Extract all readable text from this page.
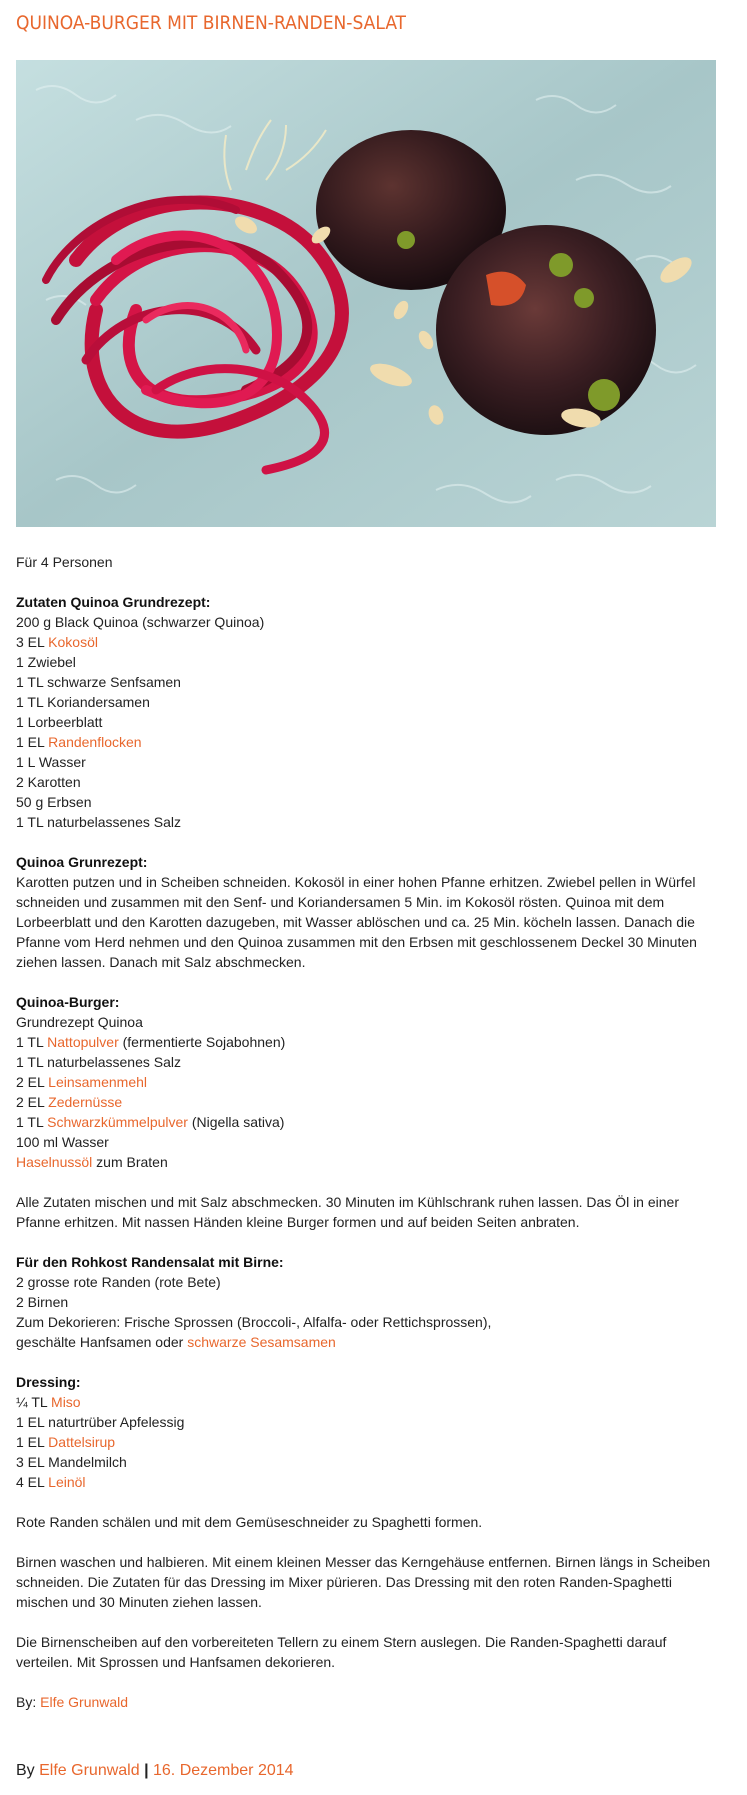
QUINOA-BURGER MIT BIRNEN-RANDEN-SALAT

Für 4 Personen

Zutaten Quinoa Grundrezept:
200 g Black Quinoa (schwarzer Quinoa)
3 EL Kokosöl
1 Zwiebel
1 TL schwarze Senfsamen
1 TL Koriandersamen
1 Lorbeerblatt
1 EL Randenflocken
1 L Wasser
2 Karotten
50 g Erbsen
1 TL naturbelassenes Salz

Quinoa Grunrezept:
Karotten putzen und in Scheiben schneiden. Kokosöl in einer hohen Pfanne erhitzen. Zwiebel pellen in Würfel schneiden und zusammen mit den Senf- und Koriandersamen 5 Min. im Kokosöl rösten. Quinoa mit dem Lorbeerblatt und den Karotten dazugeben, mit Wasser ablöschen und ca. 25 Min. köcheln lassen. Danach die Pfanne vom Herd nehmen und den Quinoa zusammen mit den Erbsen mit geschlossenem Deckel 30 Minuten ziehen lassen. Danach mit Salz abschmecken.

Quinoa-Burger:
Grundrezept Quinoa
1 TL Nattopulver (fermentierte Sojabohnen)
1 TL naturbelassenes Salz
2 EL Leinsamenmehl
2 EL Zedernüsse
1 TL Schwarzkümmelpulver (Nigella sativa)
100 ml Wasser
Haselnussöl zum Braten

Alle Zutaten mischen und mit Salz abschmecken. 30 Minuten im Kühlschrank ruhen lassen. Das Öl in einer Pfanne erhitzen. Mit nassen Händen kleine Burger formen und auf beiden Seiten anbraten.

Für den Rohkost Randensalat mit Birne:
2 grosse rote Randen (rote Bete)
2 Birnen
Zum Dekorieren: Frische Sprossen (Broccoli-, Alfalfa- oder Rettichsprossen),
geschälte Hanfsamen oder schwarze Sesamsamen

Dressing:
¼ TL Miso
1 EL naturtrüber Apfelessig
1 EL Dattelsirup
3 EL Mandelmilch
4 EL Leinöl

Rote Randen schälen und mit dem Gemüseschneider zu Spaghetti formen.

Birnen waschen und halbieren. Mit einem kleinen Messer das Kerngehäuse entfernen. Birnen längs in Scheiben schneiden. Die Zutaten für das Dressing im Mixer pürieren. Das Dressing mit den roten Randen-Spaghetti mischen und 30 Minuten ziehen lassen.

Die Birnenscheiben auf den vorbereiteten Tellern zu einem Stern auslegen. Die Randen-Spaghetti darauf verteilen. Mit Sprossen und Hanfsamen dekorieren.

By: Elfe Grunwald

By Elfe Grunwald | 16. Dezember 2014
